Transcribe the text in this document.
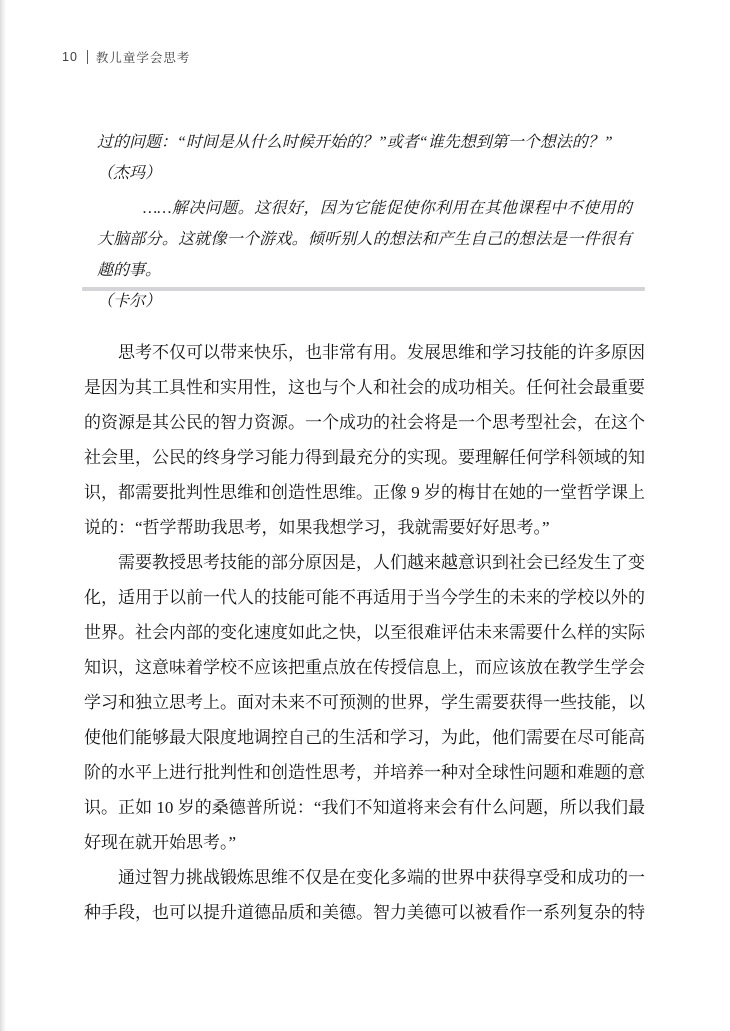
10 教儿童学会思考

过的问题：“时间是从什么时候开始的？”或者“谁先想到第一个想法的？”

（杰玛）

……解决问题。这很好，因为它能促使你利用在其他课程中不使用的大脑部分。这就像一个游戏。倾听别人的想法和产生自己的想法是一件很有趣的事。

（卡尔）

思考不仅可以带来快乐，也非常有用。发展思维和学习技能的许多原因是因为其工具性和实用性，这也与个人和社会的成功相关。任何社会最重要的资源是其公民的智力资源。一个成功的社会将是一个思考型社会，在这个社会里，公民的终身学习能力得到最充分的实现。要理解任何学科领域的知识，都需要批判性思维和创造性思维。正像 9 岁的梅甘在她的一堂哲学课上说的：“哲学帮助我思考，如果我想学习，我就需要好好思考。”

需要教授思考技能的部分原因是，人们越来越意识到社会已经发生了变化，适用于以前一代人的技能可能不再适用于当今学生的未来的学校以外的世界。社会内部的变化速度如此之快，以至很难评估未来需要什么样的实际知识，这意味着学校不应该把重点放在传授信息上，而应该放在教学生学会学习和独立思考上。面对未来不可预测的世界，学生需要获得一些技能，以使他们能够最大限度地调控自己的生活和学习，为此，他们需要在尽可能高阶的水平上进行批判性和创造性思考，并培养一种对全球性问题和难题的意识。正如 10 岁的桑德普所说：“我们不知道将来会有什么问题，所以我们最好现在就开始思考。”

通过智力挑战锻炼思维不仅是在变化多端的世界中获得享受和成功的一种手段，也可以提升道德品质和美德。智力美德可以被看作一系列复杂的特
